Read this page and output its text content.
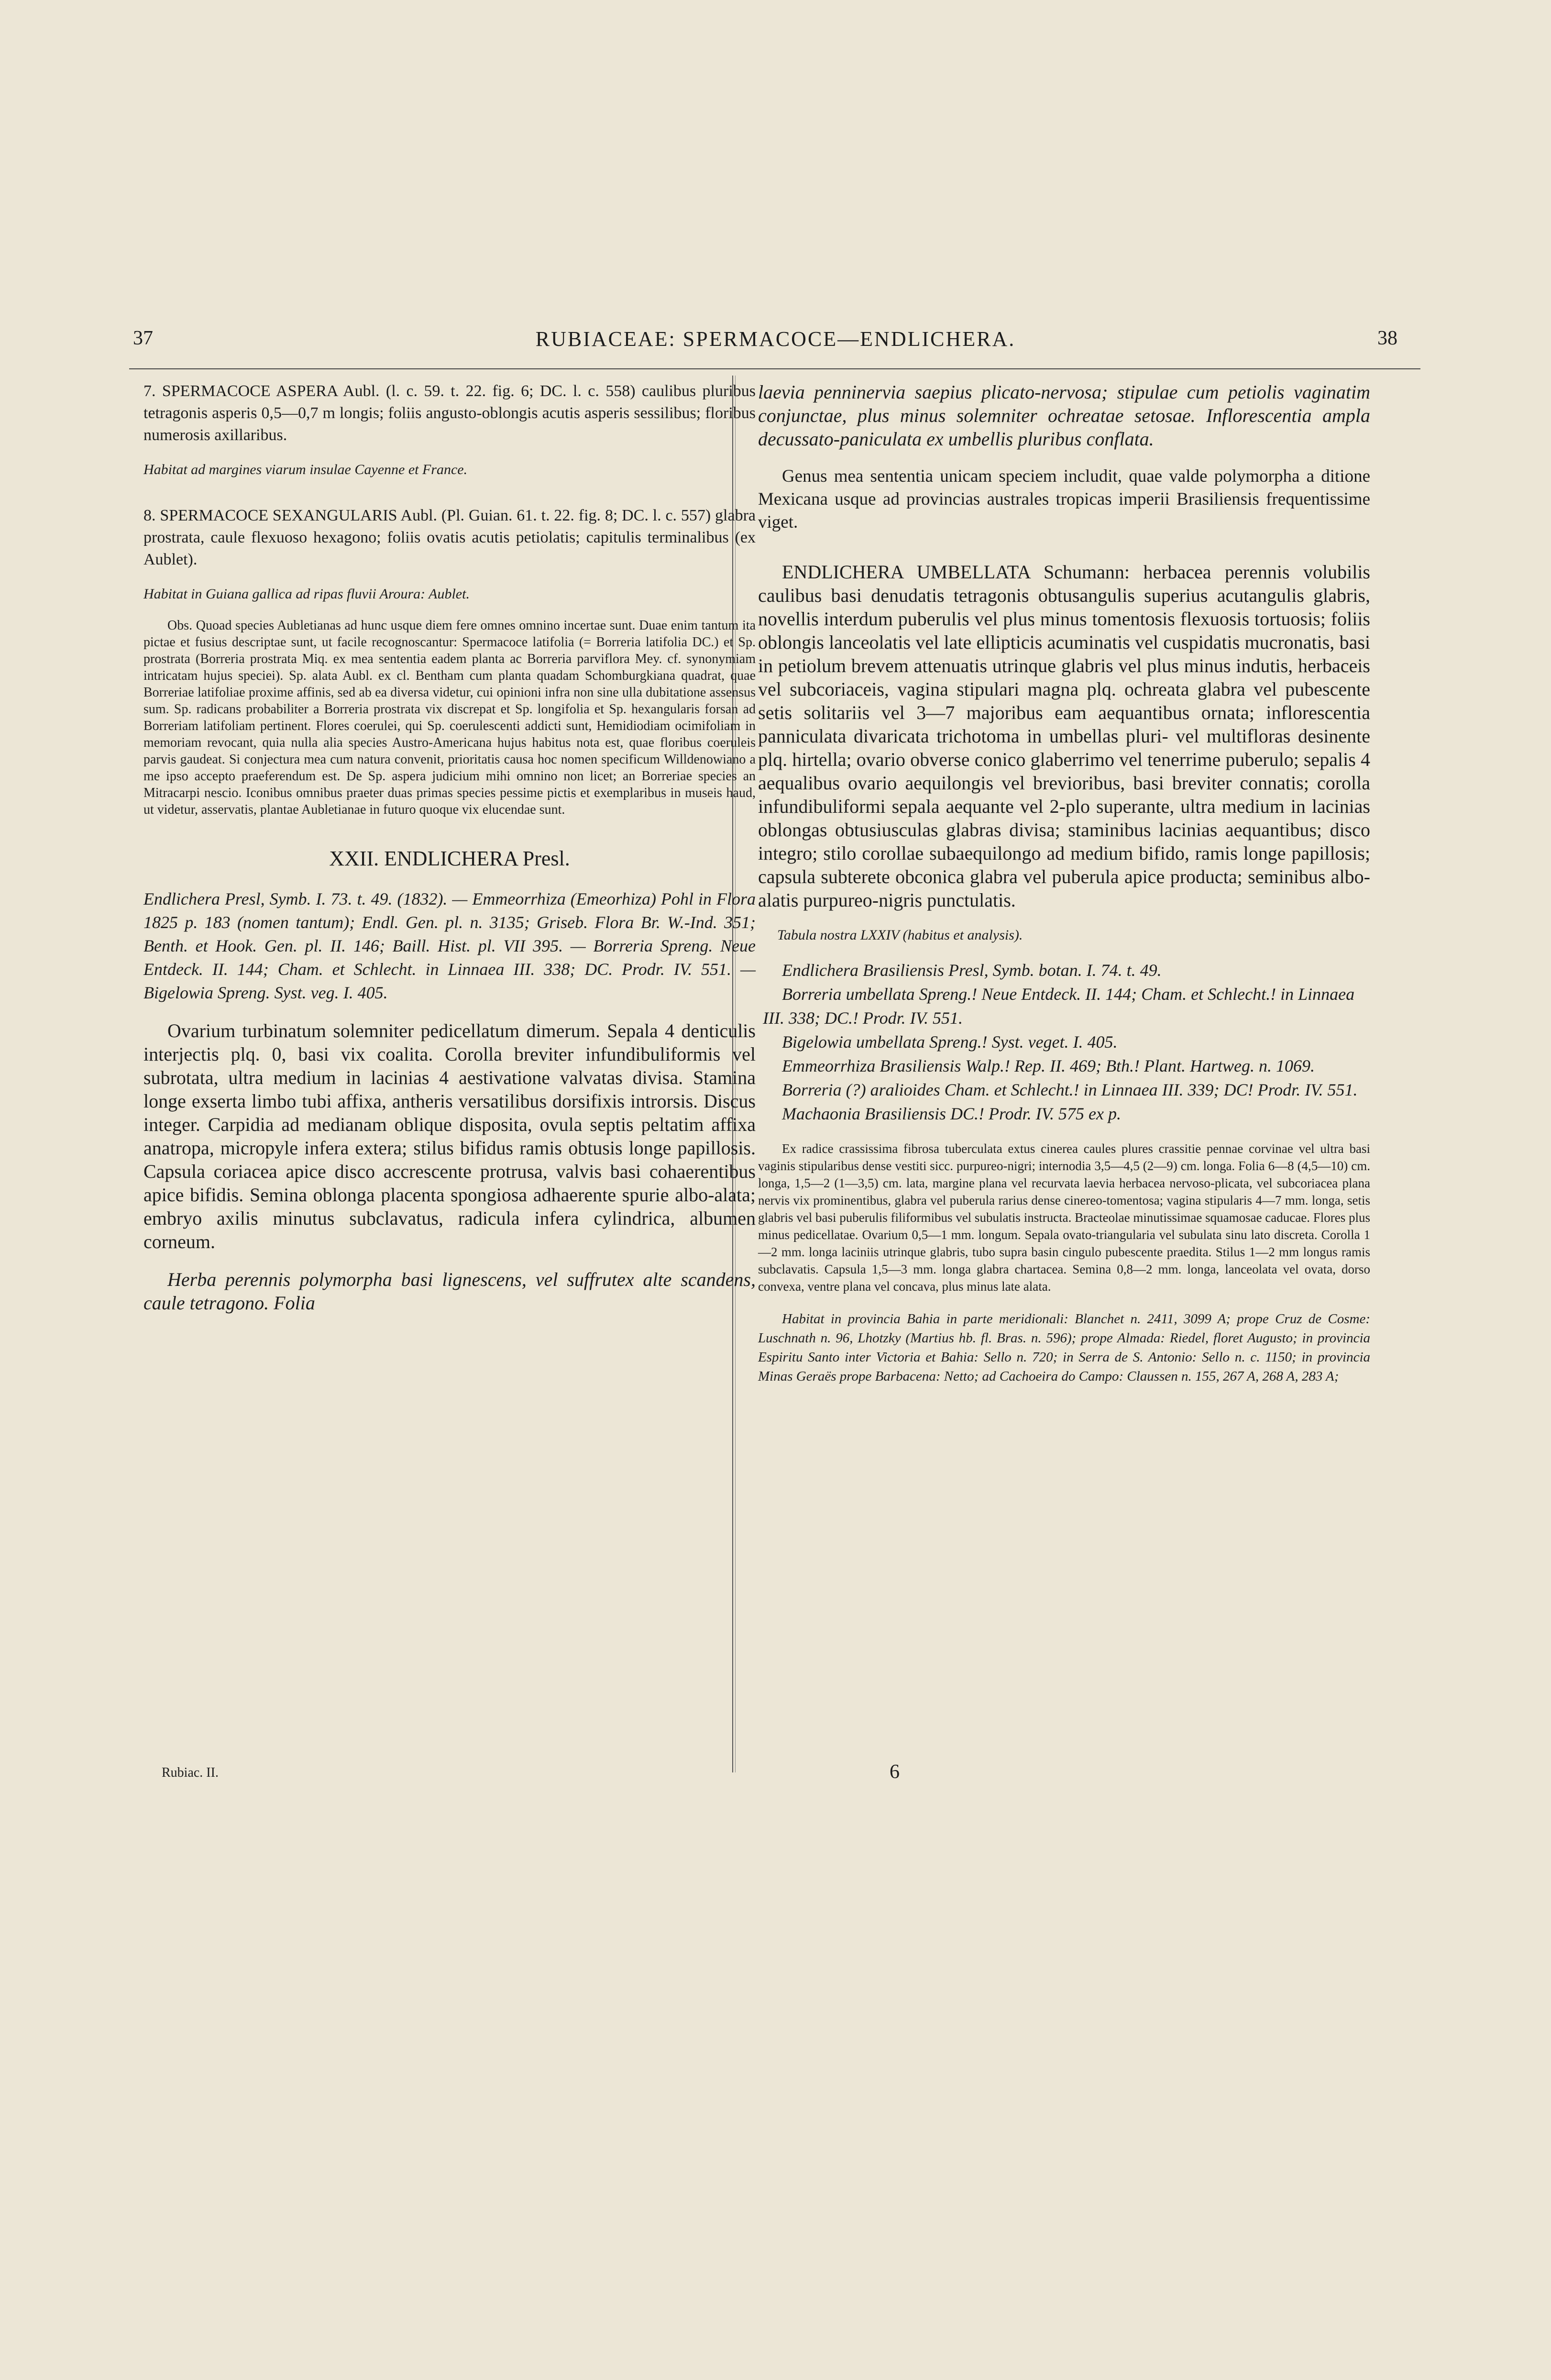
37	RUBIACEAE: SPERMACOCE—ENDLICHERA.	38

7. SPERMACOCE ASPERA Aubl. (l. c. 59. t. 22. fig. 6; DC. l. c. 558) caulibus pluribus tetragonis asperis 0,5—0,7 m longis; foliis angusto-oblongis acutis asperis sessilibus; floribus numerosis axillaribus.

Habitat ad margines viarum insulae Cayenne et France.

8. SPERMACOCE SEXANGULARIS Aubl. (Pl. Guian. 61. t. 22. fig. 8; DC. l. c. 557) glabra prostrata, caule flexuoso hexagono; foliis ovatis acutis petiolatis; capitulis terminalibus (ex Aublet).

Habitat in Guiana gallica ad ripas fluvii Aroura: Aublet.

Obs. Quoad species Aubletianas ad hunc usque diem fere omnes omnino incertae sunt. Duae enim tantum ita pictae et fusius descriptae sunt, ut facile recognoscantur: Spermacoce latifolia (= Borreria latifolia DC.) et Sp. prostrata (Borreria prostrata Miq. ex mea sententia eadem planta ac Borreria parviflora Mey. cf. synonymiam intricatam hujus speciei). Sp. alata Aubl. ex cl. Bentham cum planta quadam Schomburgkiana quadrat, quae Borreriae latifoliae proxime affinis, sed ab ea diversa videtur, cui opinioni infra non sine ulla dubitatione assensus sum. Sp. radicans probabiliter a Borreria prostrata vix discrepat et Sp. longifolia et Sp. hexangularis forsan ad Borreriam latifoliam pertinent. Flores coerulei, qui Sp. coerulescenti addicti sunt, Hemidiodiam ocimifoliam in memoriam revocant, quia nulla alia species Austro-Americana hujus habitus nota est, quae floribus coeruleis parvis gaudeat. Si conjectura mea cum natura convenit, prioritatis causa hoc nomen specificum Willdenowiano a me ipso accepto praeferendum est. De Sp. aspera judicium mihi omnino non licet; an Borreriae species an Mitracarpi nescio. Iconibus omnibus praeter duas primas species pessime pictis et exemplaribus in museis haud, ut videtur, asservatis, plantae Aubletianae in futuro quoque vix elucendae sunt.

XXII. ENDLICHERA Presl.

Endlichera Presl, Symb. I. 73. t. 49. (1832). — Emmeorrhiza (Emeorhiza) Pohl in Flora 1825 p. 183 (nomen tantum); Endl. Gen. pl. n. 3135; Griseb. Flora Br. W.-Ind. 351; Benth. et Hook. Gen. pl. II. 146; Baill. Hist. pl. VII 395. — Borreria Spreng. Neue Entdeck. II. 144; Cham. et Schlecht. in Linnaea III. 338; DC. Prodr. IV. 551. — Bigelowia Spreng. Syst. veg. I. 405.

Ovarium turbinatum solemniter pedicellatum dimerum. Sepala 4 denticulis interjectis plq. 0, basi vix coalita. Corolla breviter infundibuliformis vel subrotata, ultra medium in lacinias 4 aestivatione valvatas divisa. Stamina longe exserta limbo tubi affixa, antheris versatilibus dorsifixis introrsis. Discus integer. Carpidia ad medianam oblique disposita, ovula septis peltatim affixa anatropa, micropyle infera extera; stilus bifidus ramis obtusis longe papillosis. Capsula coriacea apice disco accrescente protrusa, valvis basi cohaerentibus apice bifidis. Semina oblonga placenta spongiosa adhaerente spurie albo-alata; embryo axilis minutus subclavatus, radicula infera cylindrica, albumen corneum.

Herba perennis polymorpha basi lignescens, vel suffrutex alte scandens, caule tetragono. Folia

laevia penninervia saepius plicato-nervosa; stipulae cum petiolis vaginatim conjunctae, plus minus solemniter ochreatae setosae. Inflorescentia ampla decussato-paniculata ex umbellis pluribus conflata.

Genus mea sententia unicam speciem includit, quae valde polymorpha a ditione Mexicana usque ad provincias australes tropicas imperii Brasiliensis frequentissime viget.

ENDLICHERA UMBELLATA Schumann: herbacea perennis volubilis caulibus basi denudatis tetragonis obtusangulis superius acutangulis glabris, novellis interdum puberulis vel plus minus tomentosis flexuosis tortuosis; foliis oblongis lanceolatis vel late ellipticis acuminatis vel cuspidatis mucronatis, basi in petiolum brevem attenuatis utrinque glabris vel plus minus indutis, herbaceis vel subcoriaceis, vagina stipulari magna plq. ochreata glabra vel pubescente setis solitariis vel 3—7 majoribus eam aequantibus ornata; inflorescentia panniculata divaricata trichotoma in umbellas pluri- vel multifloras desinente plq. hirtella; ovario obverse conico glaberrimo vel tenerrime puberulo; sepalis 4 aequalibus ovario aequilongis vel brevioribus, basi breviter connatis; corolla infundibuliformi sepala aequante vel 2-plo superante, ultra medium in lacinias oblongas obtusiusculas glabras divisa; staminibus lacinias aequantibus; disco integro; stilo corollae subaequilongo ad medium bifido, ramis longe papillosis; capsula subterete obconica glabra vel puberula apice producta; seminibus albo-alatis purpureo-nigris punctulatis.

Tabula nostra LXXIV (habitus et analysis).

Endlichera Brasiliensis Presl, Symb. botan. I. 74. t. 49.

Borreria umbellata Spreng.! Neue Entdeck. II. 144; Cham. et Schlecht.! in Linnaea III. 338; DC.! Prodr. IV. 551.

Bigelowia umbellata Spreng.! Syst. veget. I. 405.

Emmeorrhiza Brasiliensis Walp.! Rep. II. 469; Bth.! Plant. Hartweg. n. 1069.

Borreria (?) aralioides Cham. et Schlecht.! in Linnaea III. 339; DC! Prodr. IV. 551.

Machaonia Brasiliensis DC.! Prodr. IV. 575 ex p.

Ex radice crassissima fibrosa tuberculata extus cinerea caules plures crassitie pennae corvinae vel ultra basi vaginis stipularibus dense vestiti sicc. purpureo-nigri; internodia 3,5—4,5 (2—9) cm. longa. Folia 6—8 (4,5—10) cm. longa, 1,5—2 (1—3,5) cm. lata, margine plana vel recurvata laevia herbacea nervoso-plicata, vel subcoriacea plana nervis vix prominentibus, glabra vel puberula rarius dense cinereo-tomentosa; vagina stipularis 4—7 mm. longa, setis glabris vel basi puberulis filiformibus vel subulatis instructa. Bracteolae minutissimae squamosae caducae. Flores plus minus pedicellatae. Ovarium 0,5—1 mm. longum. Sepala ovato-triangularia vel subulata sinu lato discreta. Corolla 1—2 mm. longa laciniis utrinque glabris, tubo supra basin cingulo pubescente praedita. Stilus 1—2 mm longus ramis subclavatis. Capsula 1,5—3 mm. longa glabra chartacea. Semina 0,8—2 mm. longa, lanceolata vel ovata, dorso convexa, ventre plana vel concava, plus minus late alata.

Habitat in provincia Bahia in parte meridionali: Blanchet n. 2411, 3099 A; prope Cruz de Cosme: Luschnath n. 96, Lhotzky (Martius hb. fl. Bras. n. 596); prope Almada: Riedel, floret Augusto; in provincia Espiritu Santo inter Victoria et Bahia: Sello n. 720; in Serra de S. Antonio: Sello n. c. 1150; in provincia Minas Geraës prope Barbacena: Netto; ad Cachoeira do Campo: Claussen n. 155, 267 A, 268 A, 283 A;

Rubiac. II.	6
